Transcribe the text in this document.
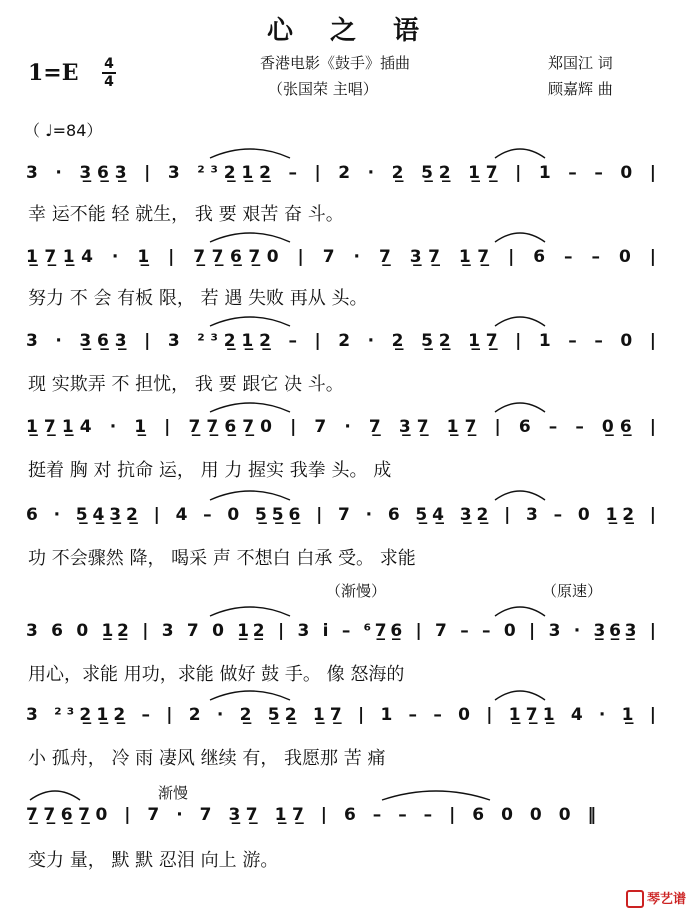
心 之 语
1=E 4
4
香港电影《鼓手》插曲
（张国荣 主唱）
郑国江 词
顾嘉辉 曲
（ ♩=84）
3 · 3̲6̲3̲ | 3 ²³2̲1̲2̲ – | 2 · 2̲ 5̲2̲ 1̲7̲ | 1 – – 0 |
1̲7̲1̲4 · 1̲ | 7̲7̲6̲7̲0 | 7 · 7̲ 3̲7̲ 1̲7̲ | 6 – – 0 |
3 · 3̲6̲3̲ | 3 ²³2̲1̲2̲ – | 2 · 2̲ 5̲2̲ 1̲7̲ | 1 – – 0 |
1̲7̲1̲4 · 1̲ | 7̲7̲6̲7̲0 | 7 · 7̲ 3̲7̲ 1̲7̲ | 6 – – 0̲6̲ |
6 · 5̲4̲3̲2̲ | 4 – 0 5̲5̲6̲ | 7 · 6 5̲4̲ 3̲2̲ | 3 – 0 1̲2̲ |
3 6 0 1̲2̲ | 3 7 0 1̲2̲ | 3 i – ⁶7̲6̲ | 7 – – 0 | 3 · 3̲6̲3̲ |
3 ²³2̲1̲2̲ – | 2 · 2̲ 5̲2̲ 1̲7̲ | 1 – – 0 | 1̲7̲1̲ 4 · 1̲ |
7̲7̲6̲7̲0 | 7 · 7 3̲7̲ 1̲7̲ | 6 – – – | 6 0 0 0 ‖
幸 运不能 轻 就生， 我 要 艰苦 奋 斗。
努力 不 会 有板 限， 若 遇 失败 再从 头。
现 实欺弄 不 担忧， 我 要 跟它 决 斗。
挺着 胸 对 抗命 运， 用 力 握实 我拳 头。 成
功 不会骤然 降， 喝采 声 不想白 白承 受。 求能
用心，求能 用功，求能 做好 鼓 手。 像 怒海的
小 孤舟， 冷 雨 凄风 继续 有， 我愿那 苦 痛
变力 量， 默 默 忍泪 向上 游。
（渐慢）	（原速）
渐慢
琴艺谱
